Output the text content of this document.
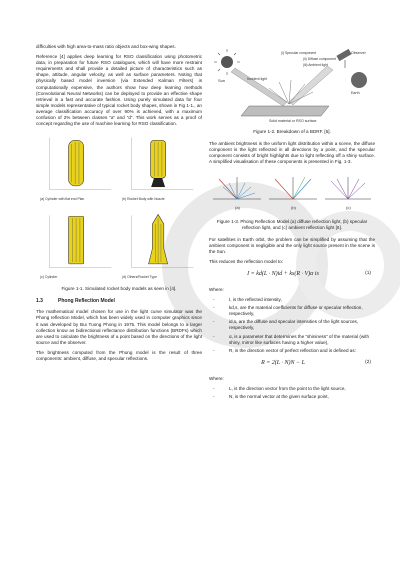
difficulties with high area-to-mass ratio objects and box-wing shapes.

Reference [4] applies deep learning for RSO classification using photometric data, in preparation for future RSO catalogues, which will have more restraint requirements and shall provide a detailed picture of characteristics such as shape, attitude, angular velocity, as well as surface parameters. Noting that physically based model inversion (via Extended Kalman Filters) is computationally expensive, the authors show how deep learning methods (Convolutional Neural Networks) can be deployed to provide an effective shape retrieval in a fast and accurate fashion. Using purely simulated data for four simple models representative of typical rocket body shapes, shown in Fig 1-1., an average classification accuracy of over 90% is achieved, with a maximum confusion of 2% between classes “a” and “d”. This work serves as a proof of concept regarding the use of machine learning for RSO classification.

(a) Cylinder with flat end Plan	(b) Rocket Body with Nozzle
(c) Cylinder	(d) Others/Rocket Type
Figure 1-1. Simulated rocket body models as seen in [4].
1.3	Phong Reflection Model

The mathematical model chosen for use in the light curve simulator was the Phong reflection Model, which has been widely used in computer graphics since it was developed by Bui Tuong Phong in 1975. This model belongs to a larger collection know as bidirectional reflectance distribution functions (BRDFs) which are used to calculate the brightness of a point based on the directions of the light source and the observer.

The brightness computed from the Phong model is the result of three components: ambient, diffuse, and specular reflections.

Sun	Incident light
(i) Specular component
(ii) Diffuse component
(iii) Ambient light
Observer
Earth
Solid material or RSO surface
Figure 1-2. Breakdown of a BDRF. [5].

The ambient brightness is the uniform light distribution within a scene, the diffuse component is the light reflected in all directions by a point, and the specular component consists of bright highlights due to light reflecting off a shiny surface. A simplified visualisation of these components is presented in Fig. 1-3.

(a)	(b)	(c)
Figure 1-3. Phong Reflection Model.(a) diffuse reflection light, (b) specular reflection light, and (c) ambient reflection light [6].

For satellites in Earth orbit, the problem can be simplified by assuming that the ambient component is negligible and the only light source present in the scene is the Sun.

This reduces the reflection model to:

I = kd(L · N)id + ks(R · V)α is	(1)

Where:

- I, is the reflected intensity,
- kd,s, are the material coefficients for diffuse or specular reflection, respectively,
- id,s, are the diffuse and specular intensities of the light sources, respectively,
- α, is a parameter that determines the “shininess” of the material (with shiny, mirror like surfaces having a higher value),
- R, is the direction vector of perfect reflection and is defined as:
R = 2(L · N)N − L	(2)

Where:

- L, is the direction vector from the point to the light source,
- N, is the normal vector at the given surface point,
